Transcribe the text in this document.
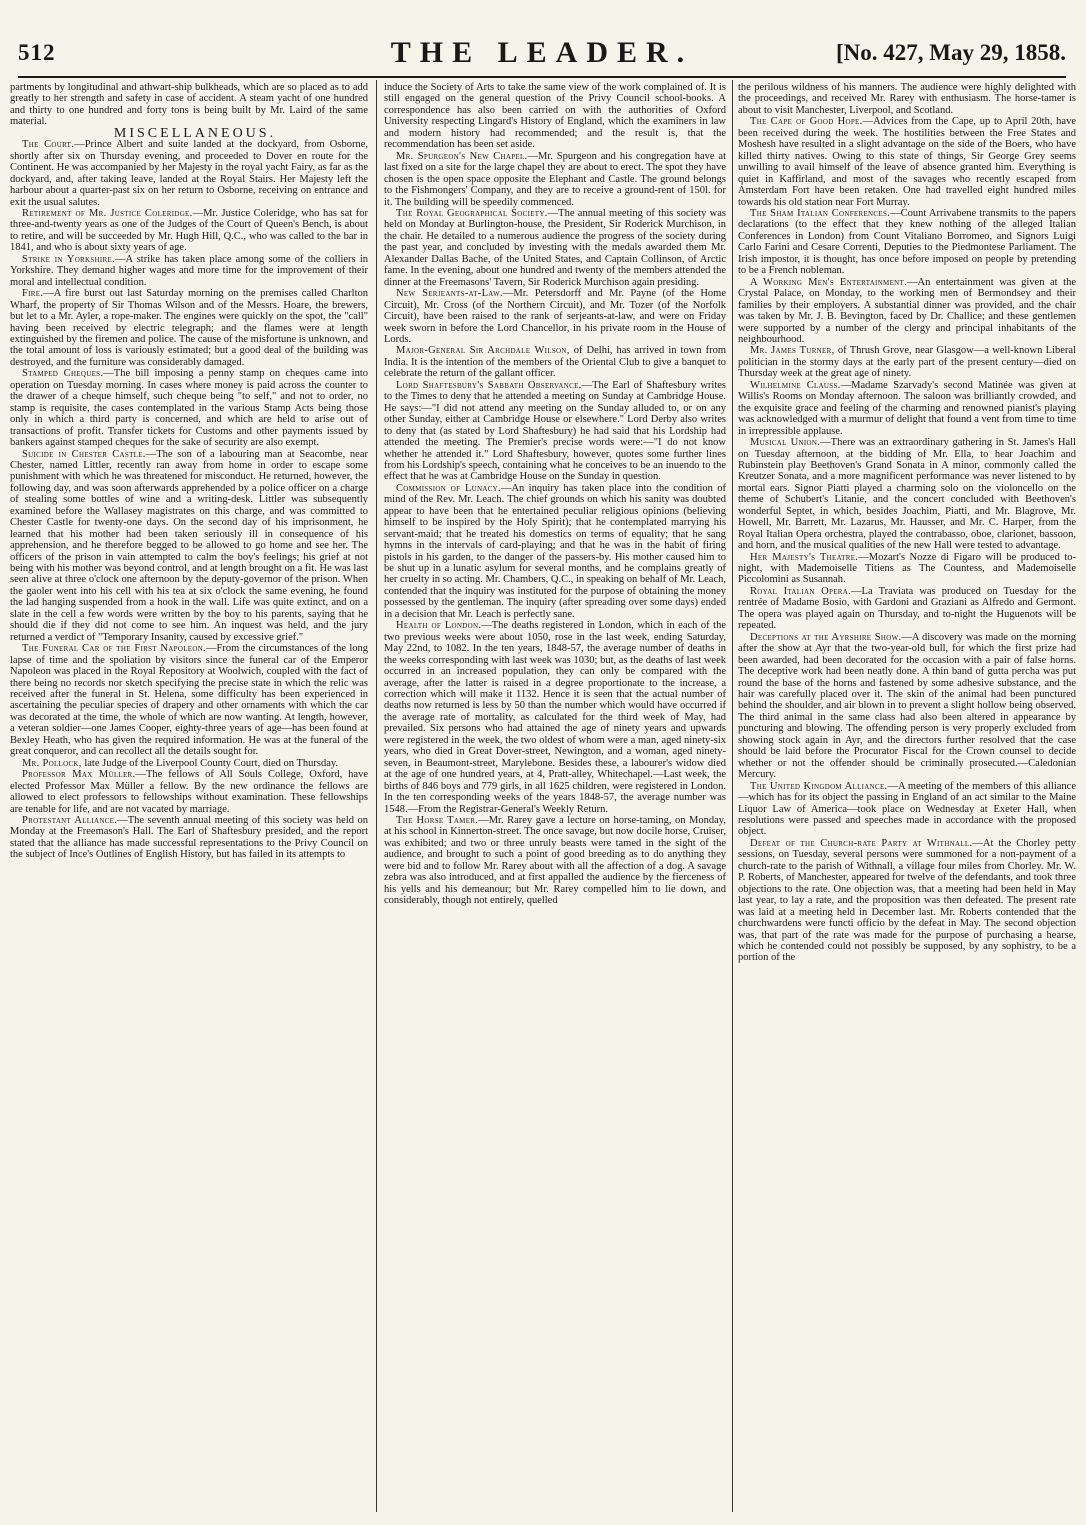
512	THE LEADER.	[No. 427, May 29, 1858.

partments by longitudinal and athwart-ship bulkheads, which are so placed as to add greatly to her strength and safety in case of accident. A steam yacht of one hundred and thirty to one hundred and forty tons is being built by Mr. Laird of the same material.

MISCELLANEOUS.

The Court.—Prince Albert and suite landed at the dockyard, from Osborne, shortly after six on Thursday evening, and proceeded to Dover en route for the Continent. He was accompanied by her Majesty in the royal yacht Fairy, as far as the dockyard, and, after taking leave, landed at the Royal Stairs. Her Majesty left the harbour about a quarter-past six on her return to Osborne, receiving on entrance and exit the usual salutes.

Retirement of Mr. Justice Coleridge.—Mr. Justice Coleridge, who has sat for three-and-twenty years as one of the Judges of the Court of Queen's Bench, is about to retire, and will be succeeded by Mr. Hugh Hill, Q.C., who was called to the bar in 1841, and who is about sixty years of age.

Strike in Yorkshire.—A strike has taken place among some of the colliers in Yorkshire. They demand higher wages and more time for the improvement of their moral and intellectual condition.

Fire.—A fire burst out last Saturday morning on the premises called Charlton Wharf, the property of Sir Thomas Wilson and of the Messrs. Hoare, the brewers, but let to a Mr. Ayler, a rope-maker. The engines were quickly on the spot, the "call" having been received by electric telegraph; and the flames were at length extinguished by the firemen and police. The cause of the misfortune is unknown, and the total amount of loss is variously estimated; but a good deal of the building was destroyed, and the furniture was considerably damaged.

Stamped Cheques.—The bill imposing a penny stamp on cheques came into operation on Tuesday morning. In cases where money is paid across the counter to the drawer of a cheque himself, such cheque being "to self," and not to order, no stamp is requisite, the cases contemplated in the various Stamp Acts being those only in which a third party is concerned, and which are held to arise out of transactions of profit. Transfer tickets for Customs and other payments issued by bankers against stamped cheques for the sake of security are also exempt.

Suicide in Chester Castle.—The son of a labouring man at Seacombe, near Chester, named Littler, recently ran away from home in order to escape some punishment with which he was threatened for misconduct. He returned, however, the following day, and was soon afterwards apprehended by a police officer on a charge of stealing some bottles of wine and a writing-desk. Littler was subsequently examined before the Wallasey magistrates on this charge, and was committed to Chester Castle for twenty-one days. On the second day of his imprisonment, he learned that his mother had been taken seriously ill in consequence of his apprehension, and he therefore begged to be allowed to go home and see her. The officers of the prison in vain attempted to calm the boy's feelings; his grief at not being with his mother was beyond control, and at length brought on a fit. He was last seen alive at three o'clock one afternoon by the deputy-governor of the prison. When the gaoler went into his cell with his tea at six o'clock the same evening, he found the lad hanging suspended from a hook in the wall. Life was quite extinct, and on a slate in the cell a few words were written by the boy to his parents, saying that he should die if they did not come to see him. An inquest was held, and the jury returned a verdict of "Temporary Insanity, caused by excessive grief."

The Funeral Car of the First Napoleon.—From the circumstances of the long lapse of time and the spoliation by visitors since the funeral car of the Emperor Napoleon was placed in the Royal Repository at Woolwich, coupled with the fact of there being no records nor sketch specifying the precise state in which the relic was received after the funeral in St. Helena, some difficulty has been experienced in ascertaining the peculiar species of drapery and other ornaments with which the car was decorated at the time, the whole of which are now wanting. At length, however, a veteran soldier—one James Cooper, eighty-three years of age—has been found at Bexley Heath, who has given the required information. He was at the funeral of the great conqueror, and can recollect all the details sought for.

Mr. Pollock, late Judge of the Liverpool County Court, died on Thursday.

Professor Max Müller.—The fellows of All Souls College, Oxford, have elected Professor Max Müller a fellow. By the new ordinance the fellows are allowed to elect professors to fellowships without examination. These fellowships are tenable for life, and are not vacated by marriage.

Protestant Alliance.—The seventh annual meeting of this society was held on Monday at the Freemason's Hall. The Earl of Shaftesbury presided, and the report stated that the alliance has made successful representations to the Privy Council on the subject of Ince's Outlines of English History, but has failed in its attempts to

induce the Society of Arts to take the same view of the work complained of. It is still engaged on the general question of the Privy Council school-books. A correspondence has also been carried on with the authorities of Oxford University respecting Lingard's History of England, which the examiners in law and modern history had recommended; and the result is, that the recommendation has been set aside.

Mr. Spurgeon's New Chapel.—Mr. Spurgeon and his congregation have at last fixed on a site for the large chapel they are about to erect. The spot they have chosen is the open space opposite the Elephant and Castle. The ground belongs to the Fishmongers' Company, and they are to receive a ground-rent of 150l. for it. The building will be speedily commenced.

The Royal Geographical Society.—The annual meeting of this society was held on Monday at Burlington-house, the President, Sir Roderick Murchison, in the chair. He detailed to a numerous audience the progress of the society during the past year, and concluded by investing with the medals awarded them Mr. Alexander Dallas Bache, of the United States, and Captain Collinson, of Arctic fame. In the evening, about one hundred and twenty of the members attended the dinner at the Freemasons' Tavern, Sir Roderick Murchison again presiding.

New Serjeants-at-Law.—Mr. Petersdorff and Mr. Payne (of the Home Circuit), Mr. Cross (of the Northern Circuit), and Mr. Tozer (of the Norfolk Circuit), have been raised to the rank of serjeants-at-law, and were on Friday week sworn in before the Lord Chancellor, in his private room in the House of Lords.

Major-General Sir Archdale Wilson, of Delhi, has arrived in town from India. It is the intention of the members of the Oriental Club to give a banquet to celebrate the return of the gallant officer.

Lord Shaftesbury's Sabbath Observance.—The Earl of Shaftesbury writes to the Times to deny that he attended a meeting on Sunday at Cambridge House. He says:—"I did not attend any meeting on the Sunday alluded to, or on any other Sunday, either at Cambridge House or elsewhere." Lord Derby also writes to deny that (as stated by Lord Shaftesbury) he had said that his Lordship had attended the meeting. The Premier's precise words were:—"I do not know whether he attended it." Lord Shaftesbury, however, quotes some further lines from his Lordship's speech, containing what he conceives to be an inuendo to the effect that he was at Cambridge House on the Sunday in question.

Commission of Lunacy.—An inquiry has taken place into the condition of mind of the Rev. Mr. Leach. The chief grounds on which his sanity was doubted appear to have been that he entertained peculiar religious opinions (believing himself to be inspired by the Holy Spirit); that he contemplated marrying his servant-maid; that he treated his domestics on terms of equality; that he sang hymns in the intervals of card-playing; and that he was in the habit of firing pistols in his garden, to the danger of the passers-by. His mother caused him to be shut up in a lunatic asylum for several months, and he complains greatly of her cruelty in so acting. Mr. Chambers, Q.C., in speaking on behalf of Mr. Leach, contended that the inquiry was instituted for the purpose of obtaining the money possessed by the gentleman. The inquiry (after spreading over some days) ended in a decision that Mr. Leach is perfectly sane.

Health of London.—The deaths registered in London, which in each of the two previous weeks were about 1050, rose in the last week, ending Saturday, May 22nd, to 1082. In the ten years, 1848-57, the average number of deaths in the weeks corresponding with last week was 1030; but, as the deaths of last week occurred in an increased population, they can only be compared with the average, after the latter is raised in a degree proportionate to the increase, a correction which will make it 1132. Hence it is seen that the actual number of deaths now returned is less by 50 than the number which would have occurred if the average rate of mortality, as calculated for the third week of May, had prevailed. Six persons who had attained the age of ninety years and upwards were registered in the week, the two oldest of whom were a man, aged ninety-six years, who died in Great Dover-street, Newington, and a woman, aged ninety-seven, in Beaumont-street, Marylebone. Besides these, a labourer's widow died at the age of one hundred years, at 4, Pratt-alley, Whitechapel.—Last week, the births of 846 boys and 779 girls, in all 1625 children, were registered in London. In the ten corresponding weeks of the years 1848-57, the average number was 1548.—From the Registrar-General's Weekly Return.

The Horse Tamer.—Mr. Rarey gave a lecture on horse-taming, on Monday, at his school in Kinnerton-street. The once savage, but now docile horse, Cruiser, was exhibited; and two or three unruly beasts were tamed in the sight of the audience, and brought to such a point of good breeding as to do anything they were bid and to follow Mr. Rarey about with all the affection of a dog. A savage zebra was also introduced, and at first appalled the audience by the fierceness of his yells and his demeanour; but Mr. Rarey compelled him to lie down, and considerably, though not entirely, quelled

the perilous wildness of his manners. The audience were highly delighted with the proceedings, and received Mr. Rarey with enthusiasm. The horse-tamer is about to visit Manchester, Liverpool, and Scotland.

The Cape of Good Hope.—Advices from the Cape, up to April 20th, have been received during the week. The hostilities between the Free States and Moshesh have resulted in a slight advantage on the side of the Boers, who have killed thirty natives. Owing to this state of things, Sir George Grey seems unwilling to avail himself of the leave of absence granted him. Everything is quiet in Kaffirland, and most of the savages who recently escaped from Amsterdam Fort have been retaken. One had travelled eight hundred miles towards his old station near Fort Murray.

The Sham Italian Conferences.—Count Arrivabene transmits to the papers declarations (to the effect that they knew nothing of the alleged Italian Conferences in London) from Count Vitaliano Borromeo, and Signors Luigi Carlo Farini and Cesare Correnti, Deputies to the Piedmontese Parliament. The Irish impostor, it is thought, has once before imposed on people by pretending to be a French nobleman.

A Working Men's Entertainment.—An entertainment was given at the Crystal Palace, on Monday, to the working men of Bermondsey and their families by their employers. A substantial dinner was provided, and the chair was taken by Mr. J. B. Bevington, faced by Dr. Challice; and these gentlemen were supported by a number of the clergy and principal inhabitants of the neighbourhood.

Mr. James Turner, of Thrush Grove, near Glasgow—a well-known Liberal politician in the stormy days at the early part of the present century—died on Thursday week at the great age of ninety.

Wilhelmine Clauss.—Madame Szarvady's second Matinée was given at Willis's Rooms on Monday afternoon. The saloon was brilliantly crowded, and the exquisite grace and feeling of the charming and renowned pianist's playing was acknowledged with a murmur of delight that found a vent from time to time in irrepressible applause.

Musical Union.—There was an extraordinary gathering in St. James's Hall on Tuesday afternoon, at the bidding of Mr. Ella, to hear Joachim and Rubinstein play Beethoven's Grand Sonata in A minor, commonly called the Kreutzer Sonata, and a more magnificent performance was never listened to by mortal ears. Signor Piatti played a charming solo on the violoncello on the theme of Schubert's Litanie, and the concert concluded with Beethoven's wonderful Septet, in which, besides Joachim, Piatti, and Mr. Blagrove, Mr. Howell, Mr. Barrett, Mr. Lazarus, Mr. Hausser, and Mr. C. Harper, from the Royal Italian Opera orchestra, played the contrabasso, oboe, clarionet, bassoon, and horn, and the musical qualities of the new Hall were tested to advantage.

Her Majesty's Theatre.—Mozart's Nozze di Figaro will be produced to-night, with Mademoiselle Titiens as The Countess, and Mademoiselle Piccolomini as Susannah.

Royal Italian Opera.—La Traviata was produced on Tuesday for the rentrée of Madame Bosio, with Gardoni and Graziani as Alfredo and Germont. The opera was played again on Thursday, and to-night the Huguenots will be repeated.

Deceptions at the Ayrshire Show.—A discovery was made on the morning after the show at Ayr that the two-year-old bull, for which the first prize had been awarded, had been decorated for the occasion with a pair of false horns. The deceptive work had been neatly done. A thin band of gutta percha was put round the base of the horns and fastened by some adhesive substance, and the hair was carefully placed over it. The skin of the animal had been punctured behind the shoulder, and air blown in to prevent a slight hollow being observed. The third animal in the same class had also been altered in appearance by puncturing and blowing. The offending person is very properly excluded from showing stock again in Ayr, and the directors further resolved that the case should be laid before the Procurator Fiscal for the Crown counsel to decide whether or not the offender should be criminally prosecuted.—Caledonian Mercury.

The United Kingdom Alliance.—A meeting of the members of this alliance—which has for its object the passing in England of an act similar to the Maine Liquor Law of America—took place on Wednesday at Exeter Hall, when resolutions were passed and speeches made in accordance with the proposed object.

Defeat of the Church-rate Party at Withnall.—At the Chorley petty sessions, on Tuesday, several persons were summoned for a non-payment of a church-rate to the parish of Withnall, a village four miles from Chorley. Mr. W. P. Roberts, of Manchester, appeared for twelve of the defendants, and took three objections to the rate. One objection was, that a meeting had been held in May last year, to lay a rate, and the proposition was then defeated. The present rate was laid at a meeting held in December last. Mr. Roberts contended that the churchwardens were functi officio by the defeat in May. The second objection was, that part of the rate was made for the purpose of purchasing a hearse, which he contended could not possibly be supposed, by any sophistry, to be a portion of the
